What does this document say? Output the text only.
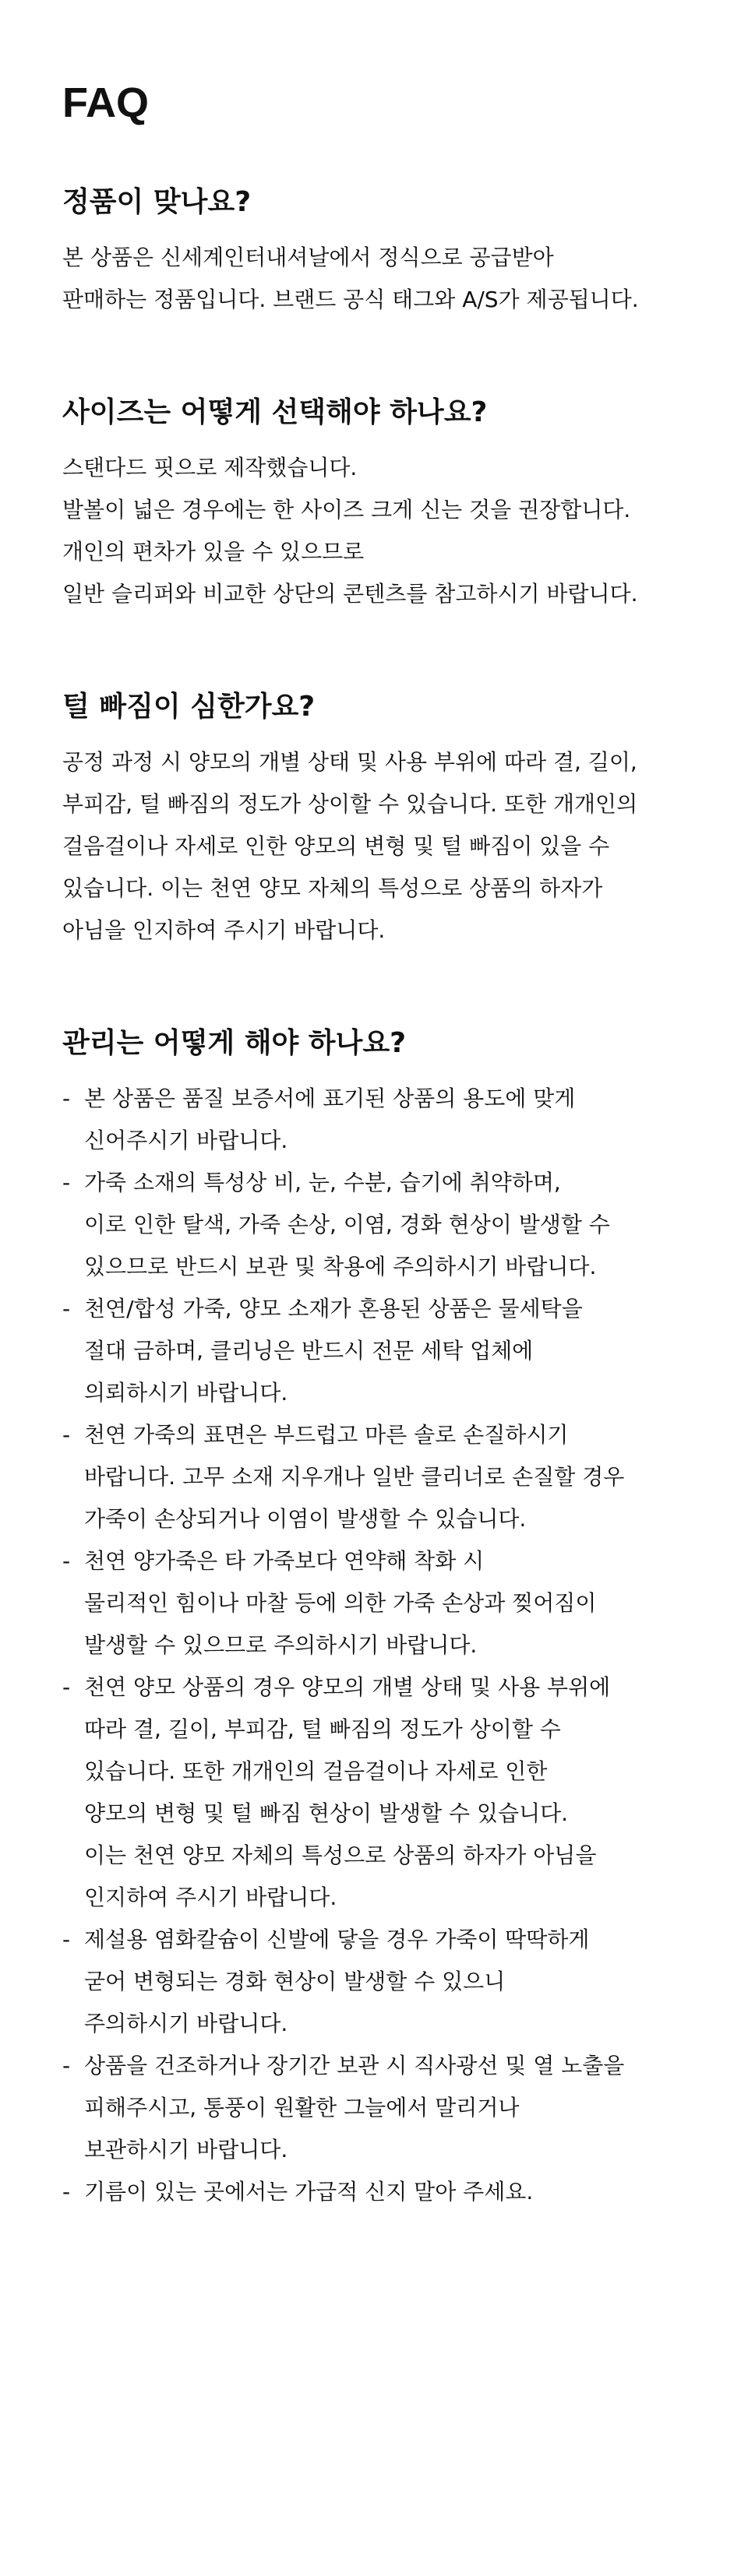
FAQ
정품이 맞나요?
본 상품은 신세계인터내셔날에서 정식으로 공급받아
판매하는 정품입니다. 브랜드 공식 태그와 A/S가 제공됩니다.
사이즈는 어떻게 선택해야 하나요?
스탠다드 핏으로 제작했습니다.
발볼이 넓은 경우에는 한 사이즈 크게 신는 것을 권장합니다.
개인의 편차가 있을 수 있으므로
일반 슬리퍼와 비교한 상단의 콘텐츠를 참고하시기 바랍니다.
털 빠짐이 심한가요?
공정 과정 시 양모의 개별 상태 및 사용 부위에 따라 결, 길이,
부피감, 털 빠짐의 정도가 상이할 수 있습니다. 또한 개개인의
걸음걸이나 자세로 인한 양모의 변형 및 털 빠짐이 있을 수
있습니다. 이는 천연 양모 자체의 특성으로 상품의 하자가
아님을 인지하여 주시기 바랍니다.
관리는 어떻게 해야 하나요?
- 본 상품은 품질 보증서에 표기된 상품의 용도에 맞게
신어주시기 바랍니다.
- 가죽 소재의 특성상 비, 눈, 수분, 습기에 취약하며,
이로 인한 탈색, 가죽 손상, 이염, 경화 현상이 발생할 수
있으므로 반드시 보관 및 착용에 주의하시기 바랍니다.
- 천연/합성 가죽, 양모 소재가 혼용된 상품은 물세탁을
절대 금하며, 클리닝은 반드시 전문 세탁 업체에
의뢰하시기 바랍니다.
- 천연 가죽의 표면은 부드럽고 마른 솔로 손질하시기
바랍니다. 고무 소재 지우개나 일반 클리너로 손질할 경우
가죽이 손상되거나 이염이 발생할 수 있습니다.
- 천연 양가죽은 타 가죽보다 연약해 착화 시
물리적인 힘이나 마찰 등에 의한 가죽 손상과 찢어짐이
발생할 수 있으므로 주의하시기 바랍니다.
- 천연 양모 상품의 경우 양모의 개별 상태 및 사용 부위에
따라 결, 길이, 부피감, 털 빠짐의 정도가 상이할 수
있습니다. 또한 개개인의 걸음걸이나 자세로 인한
양모의 변형 및 털 빠짐 현상이 발생할 수 있습니다.
이는 천연 양모 자체의 특성으로 상품의 하자가 아님을
인지하여 주시기 바랍니다.
- 제설용 염화칼슘이 신발에 닿을 경우 가죽이 딱딱하게
굳어 변형되는 경화 현상이 발생할 수 있으니
주의하시기 바랍니다.
- 상품을 건조하거나 장기간 보관 시 직사광선 및 열 노출을
피해주시고, 통풍이 원활한 그늘에서 말리거나
보관하시기 바랍니다.
- 기름이 있는 곳에서는 가급적 신지 말아 주세요.
